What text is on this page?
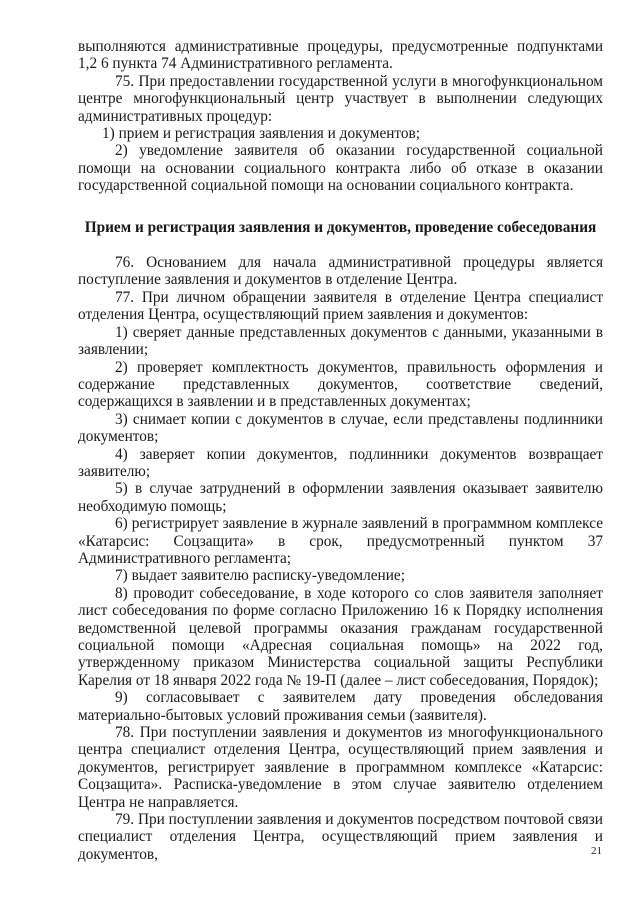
выполняются административные процедуры, предусмотренные подпунктами 1,2 6 пункта 74 Административного регламента.

75. При предоставлении государственной услуги в многофункциональном центре многофункциональный центр участвует в выполнении следующих административных процедур:

1) прием и регистрация заявления и документов;

2) уведомление заявителя об оказании государственной социальной помощи на основании социального контракта либо об отказе в оказании государственной социальной помощи на основании социального контракта.

Прием и регистрация заявления и документов, проведение собеседования

76. Основанием для начала административной процедуры является поступление заявления и документов в отделение Центра.

77. При личном обращении заявителя в отделение Центра специалист отделения Центра, осуществляющий прием заявления и документов:

1) сверяет данные представленных документов с данными, указанными в заявлении;

2) проверяет комплектность документов, правильность оформления и содержание представленных документов, соответствие сведений, содержащихся в заявлении и в представленных документах;

3) снимает копии с документов в случае, если представлены подлинники документов;

4) заверяет копии документов, подлинники документов возвращает заявителю;

5) в случае затруднений в оформлении заявления оказывает заявителю необходимую помощь;

6) регистрирует заявление в журнале заявлений в программном комплексе «Катарсис: Соцзащита» в срок, предусмотренный пунктом 37 Административного регламента;

7) выдает заявителю расписку-уведомление;

8) проводит собеседование, в ходе которого со слов заявителя заполняет лист собеседования по форме согласно Приложению 16 к Порядку исполнения ведомственной целевой программы оказания гражданам государственной социальной помощи «Адресная социальная помощь» на 2022 год, утвержденному приказом Министерства социальной защиты Республики Карелия от 18 января 2022 года № 19-П (далее – лист собеседования, Порядок);

9) согласовывает с заявителем дату проведения обследования материально-бытовых условий проживания семьи (заявителя).

78. При поступлении заявления и документов из многофункционального центра специалист отделения Центра, осуществляющий прием заявления и документов, регистрирует заявление в программном комплексе «Катарсис: Соцзащита». Расписка-уведомление в этом случае заявителю отделением Центра не направляется.

79. При поступлении заявления и документов посредством почтовой связи специалист отделения Центра, осуществляющий прием заявления и документов,	21
